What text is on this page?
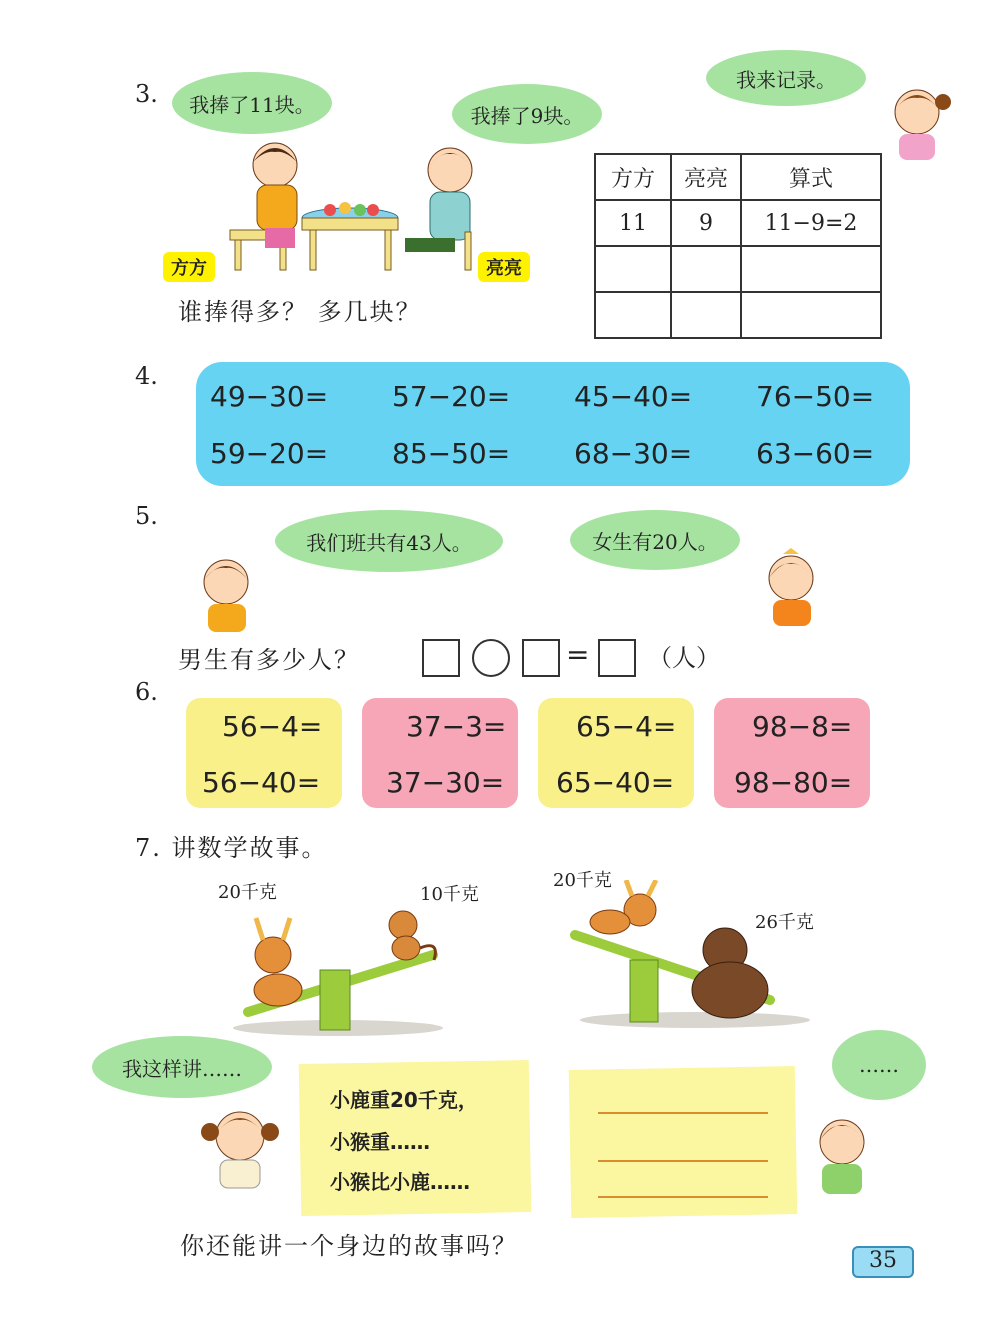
3. 我捧了11块。	我捧了9块。
我来记录。
方方	亮亮
谁捧得多？ 多几块？
方方	亮亮	算式
11	9	11−9=2

4.
49−30= 57−20= 45−40= 76−50=
59−20= 85−50= 68−30= 63−60=
5.
我们班共有43人。	女生有20人。
男生有多少人？	= （人）
6.
56−4=
56−40=
37−3=
37−30=
65−4=
65−40=
98−8=
98−80=
7. 讲数学故事。
20千克	10千克
20千克
26千克
我这样讲……	……
小鹿重20千克，
小猴重……
小猴比小鹿……
你还能讲一个身边的故事吗？
35
